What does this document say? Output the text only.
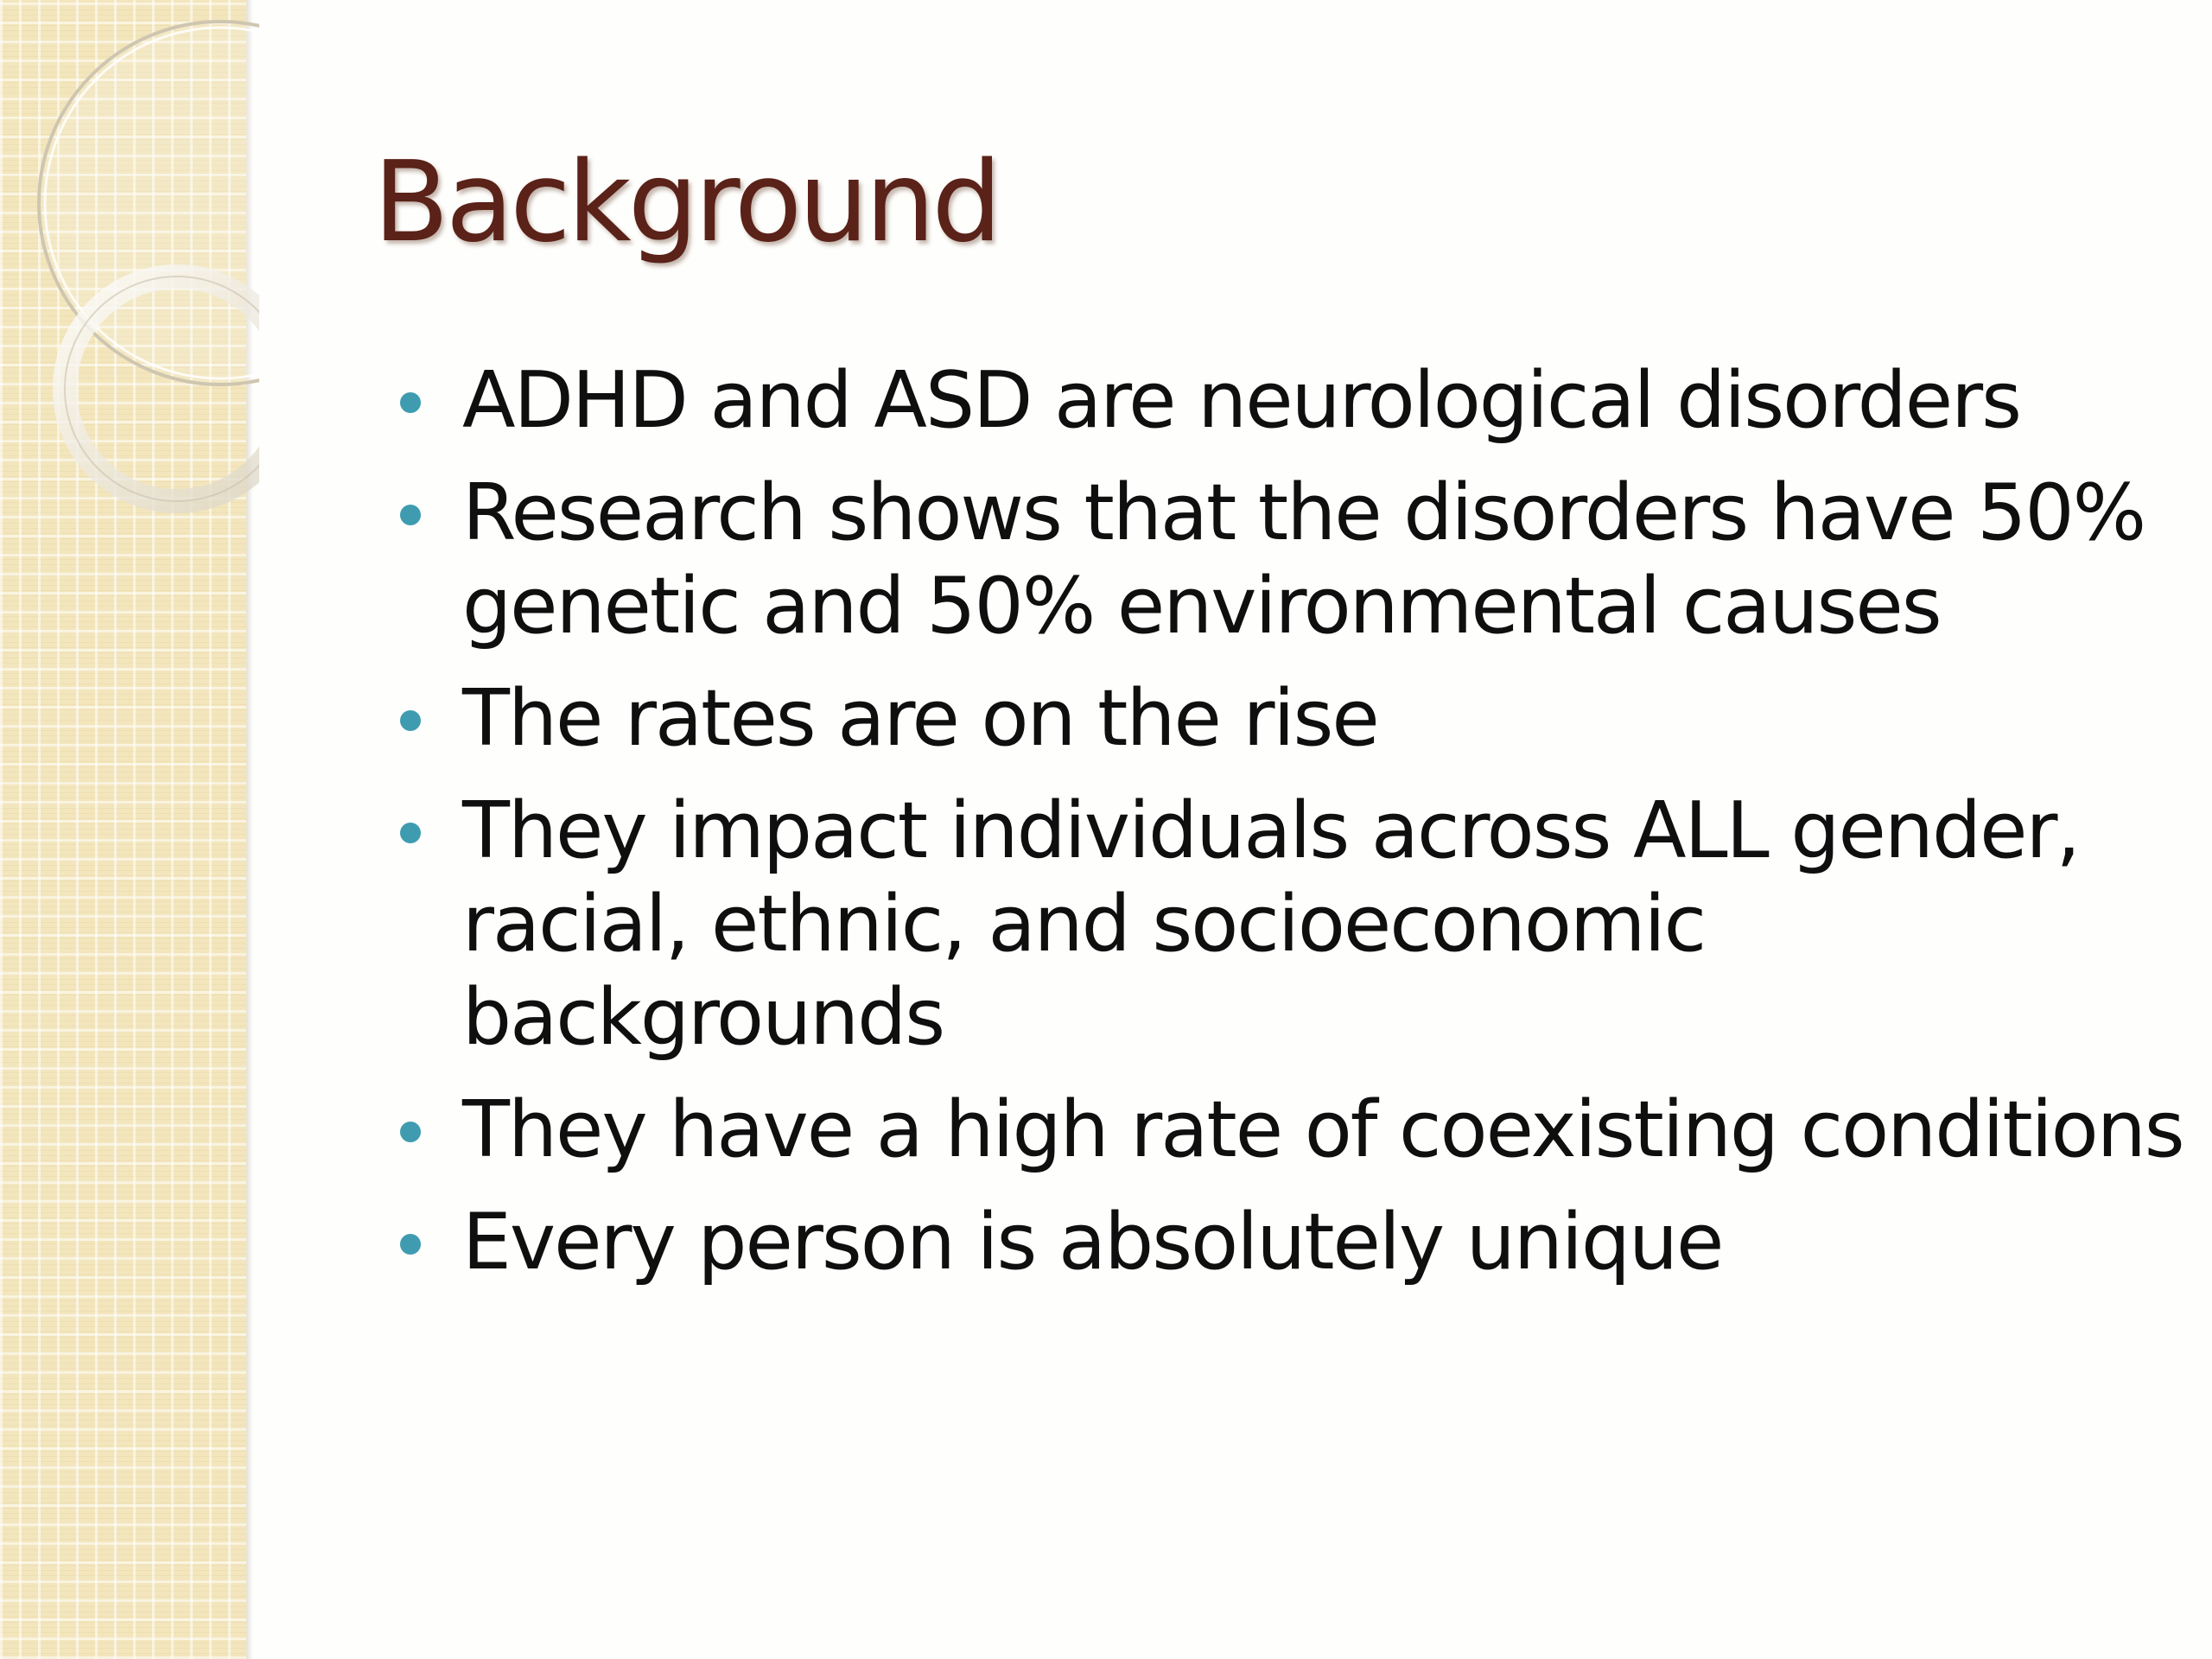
Background
ADHD and ASD are neurological disorders
Research shows that the disorders have 50% genetic and 50% environmental causes
The rates are on the rise
They impact individuals across ALL gender, racial, ethnic, and socioeconomic backgrounds
They have a high rate of coexisting conditions
Every person is absolutely unique
